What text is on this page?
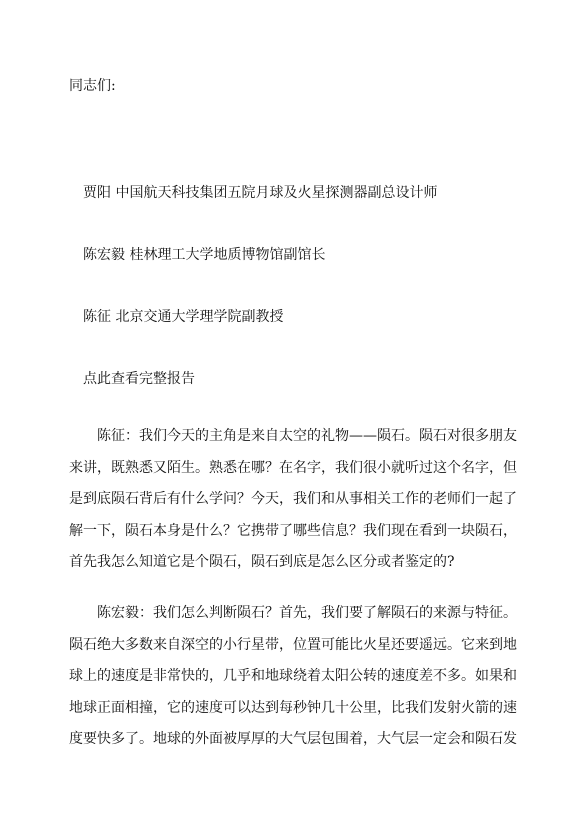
同志们:

贾阳 中国航天科技集团五院月球及火星探测器副总设计师

陈宏毅 桂林理工大学地质博物馆副馆长

陈征 北京交通大学理学院副教授

点此查看完整报告

陈征：我们今天的主角是来自太空的礼物——陨石。陨石对很多朋友
来讲，既熟悉又陌生。熟悉在哪？在名字，我们很小就听过这个名字，但
是到底陨石背后有什么学问？今天，我们和从事相关工作的老师们一起了
解一下，陨石本身是什么？它携带了哪些信息？我们现在看到一块陨石，
首先我怎么知道它是个陨石，陨石到底是怎么区分或者鉴定的?
陈宏毅：我们怎么判断陨石？首先，我们要了解陨石的来源与特征。
陨石绝大多数来自深空的小行星带，位置可能比火星还要遥远。它来到地
球上的速度是非常快的，几乎和地球绕着太阳公转的速度差不多。如果和
地球正面相撞，它的速度可以达到每秒钟几十公里，比我们发射火箭的速
度要快多了。地球的外面被厚厚的大气层包围着，大气层一定会和陨石发
